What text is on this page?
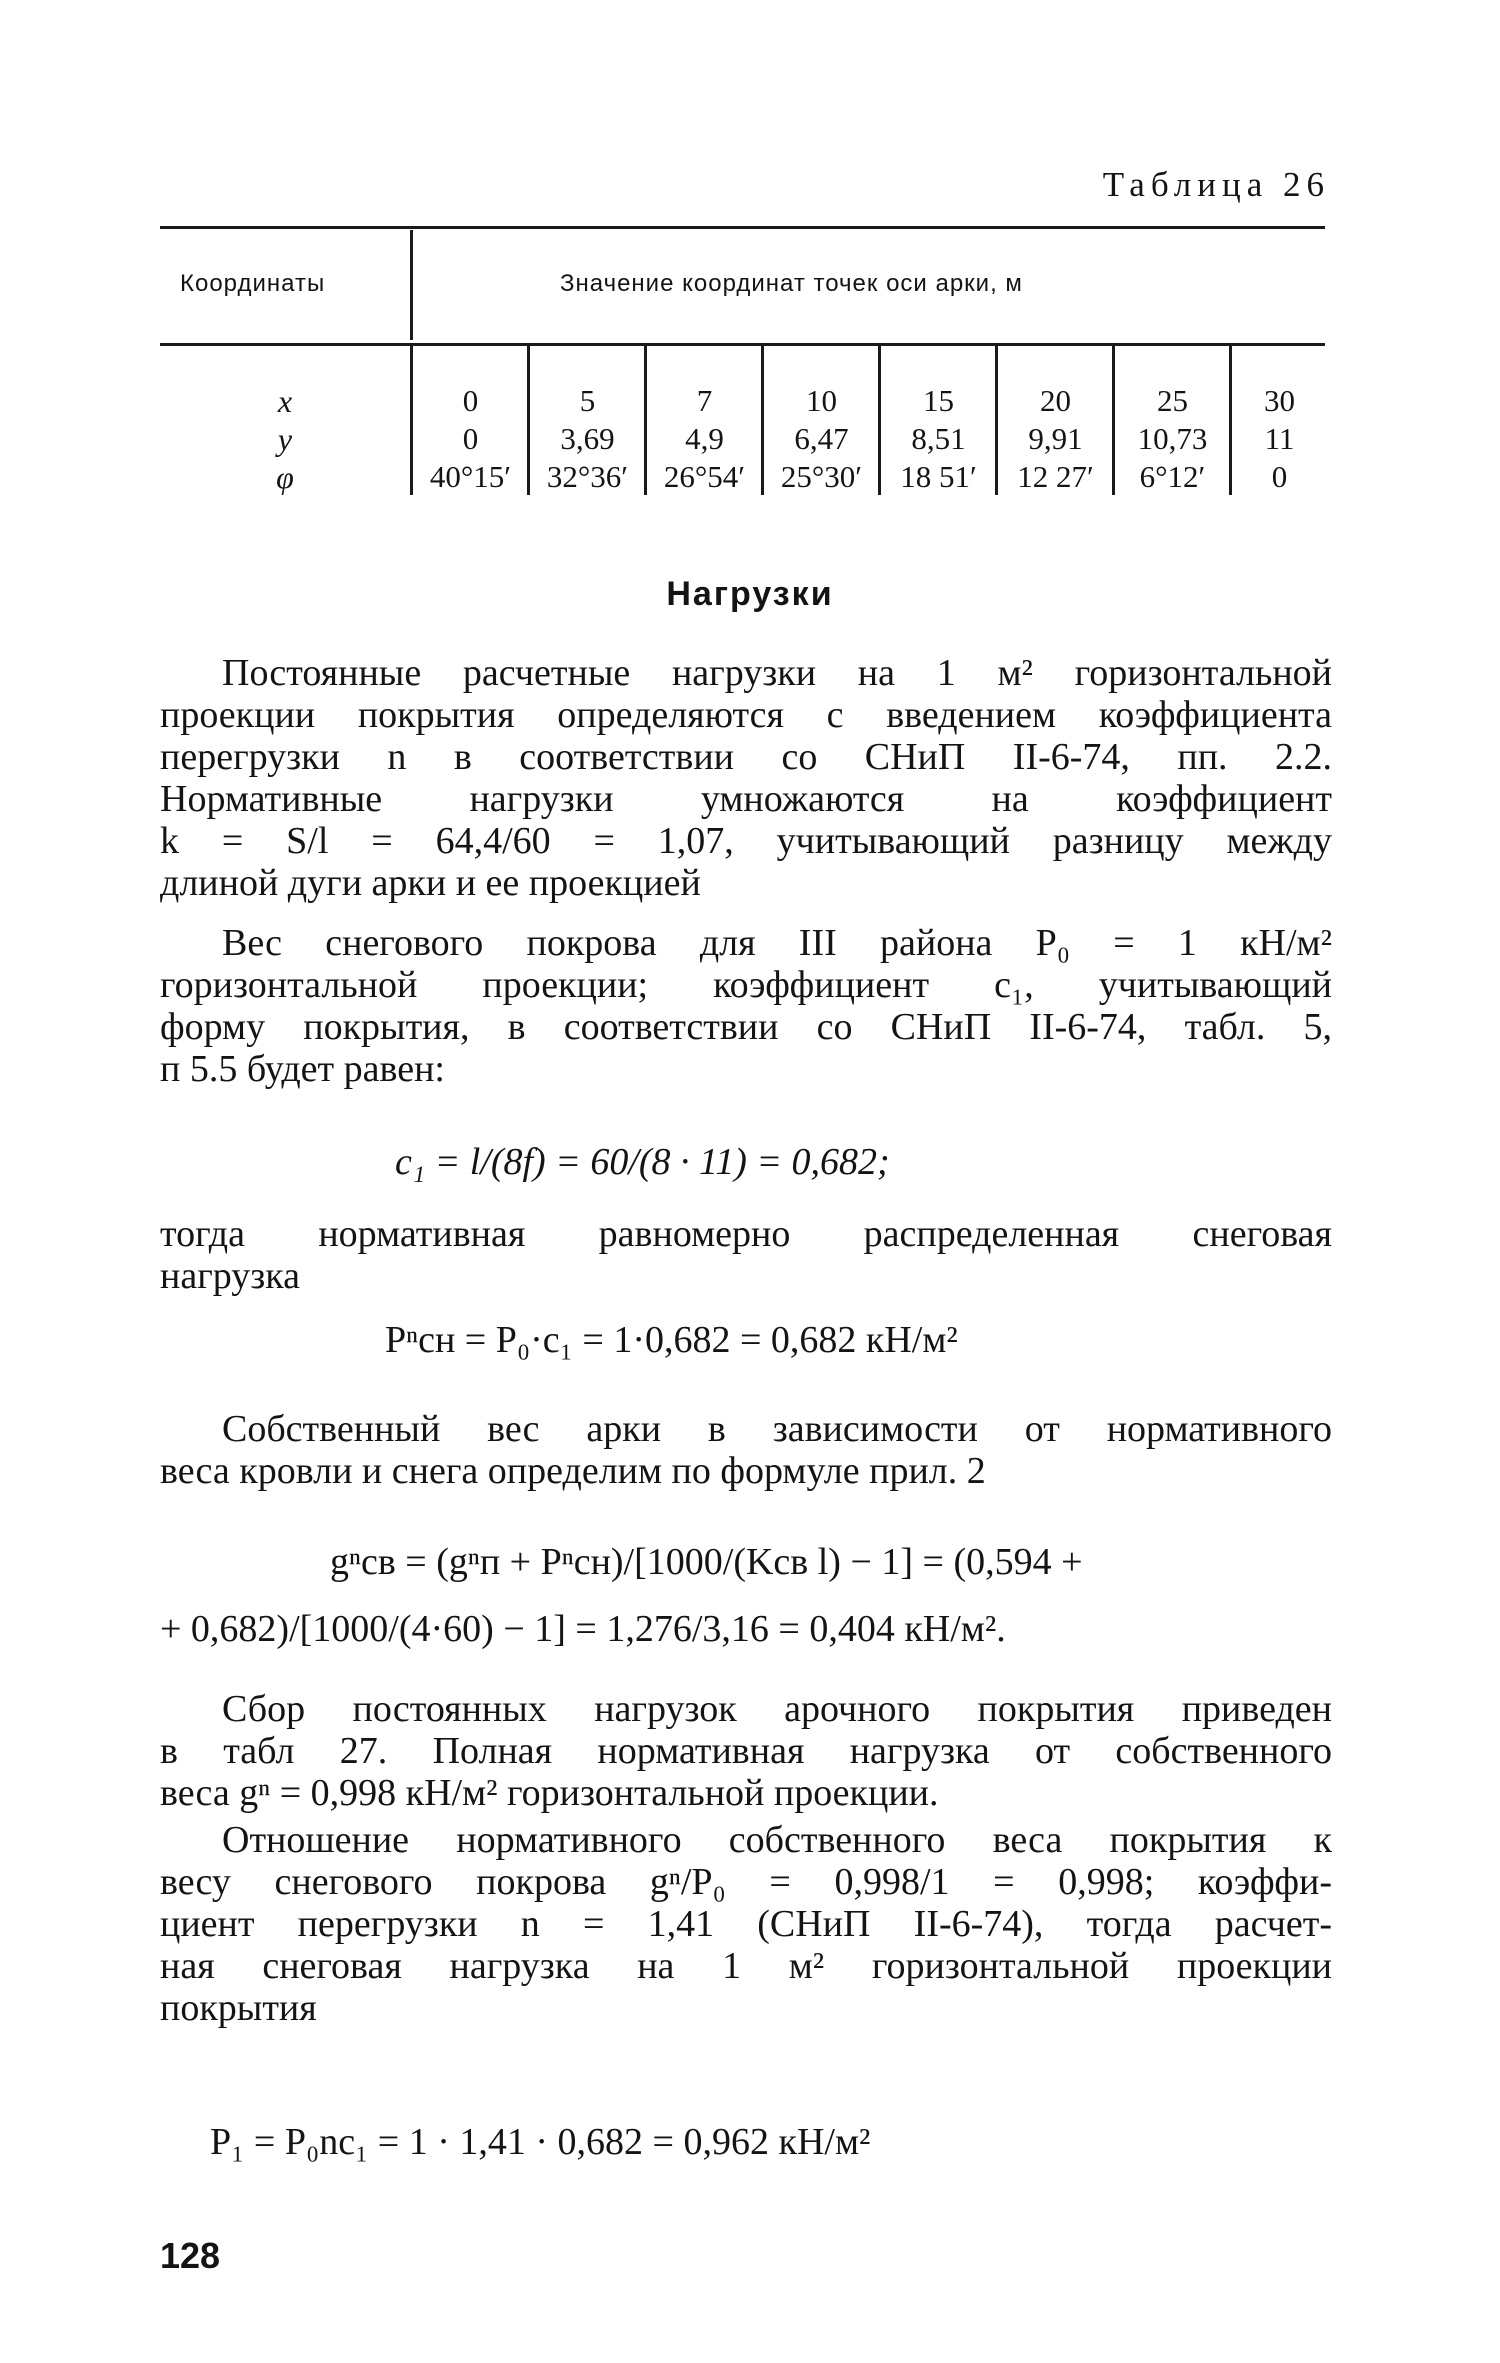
Таблица 26
Координаты	Значение координат точек оси арки, м
x
y
φ
0
0
40°15′
5
3,69
32°36′
7
4,9
26°54′
10
6,47
25°30′
15
8,51
18 51′
20
9,91
12 27′
25
10,73
6°12′
30
11
0
Нагрузки
Постоянные расчетные нагрузки на 1 м² горизонтальной
проекции покрытия определяются с введением коэффициента
перегрузки n в соответствии со СНиП II-6-74, пп. 2.2.
Нормативные нагрузки умножаются на коэффициент
k = S/l = 64,4/60 = 1,07, учитывающий разницу между
длиной дуги арки и ее проекцией
Вес снегового покрова для III района P₀ = 1 кН/м²
горизонтальной проекции; коэффициент c₁, учитывающий
форму покрытия, в соответствии со СНиП II-6-74, табл. 5,
п 5.5 будет равен:
c₁ = l/(8f) = 60/(8 · 11) = 0,682;
тогда нормативная равномерно распределенная снеговая
нагрузка
Pⁿсн = P₀·c₁ = 1·0,682 = 0,682 кН/м²
Собственный вес арки в зависимости от нормативного
веса кровли и снега определим по формуле прил. 2
gⁿсв = (gⁿп + Pⁿсн)/[1000/(Kсв l) − 1] = (0,594 +
+ 0,682)/[1000/(4·60) − 1] = 1,276/3,16 = 0,404 кН/м².
Сбор постоянных нагрузок арочного покрытия приведен
в табл 27. Полная нормативная нагрузка от собственного
веса gⁿ = 0,998 кН/м² горизонтальной проекции.
Отношение нормативного собственного веса покрытия к
весу снегового покрова gⁿ/P₀ = 0,998/1 = 0,998; коэффи-
циент перегрузки n = 1,41 (СНиП II-6-74), тогда расчет-
ная снеговая нагрузка на 1 м² горизонтальной проекции
покрытия
P₁ = P₀nc₁ = 1 · 1,41 · 0,682 = 0,962 кН/м²
128
